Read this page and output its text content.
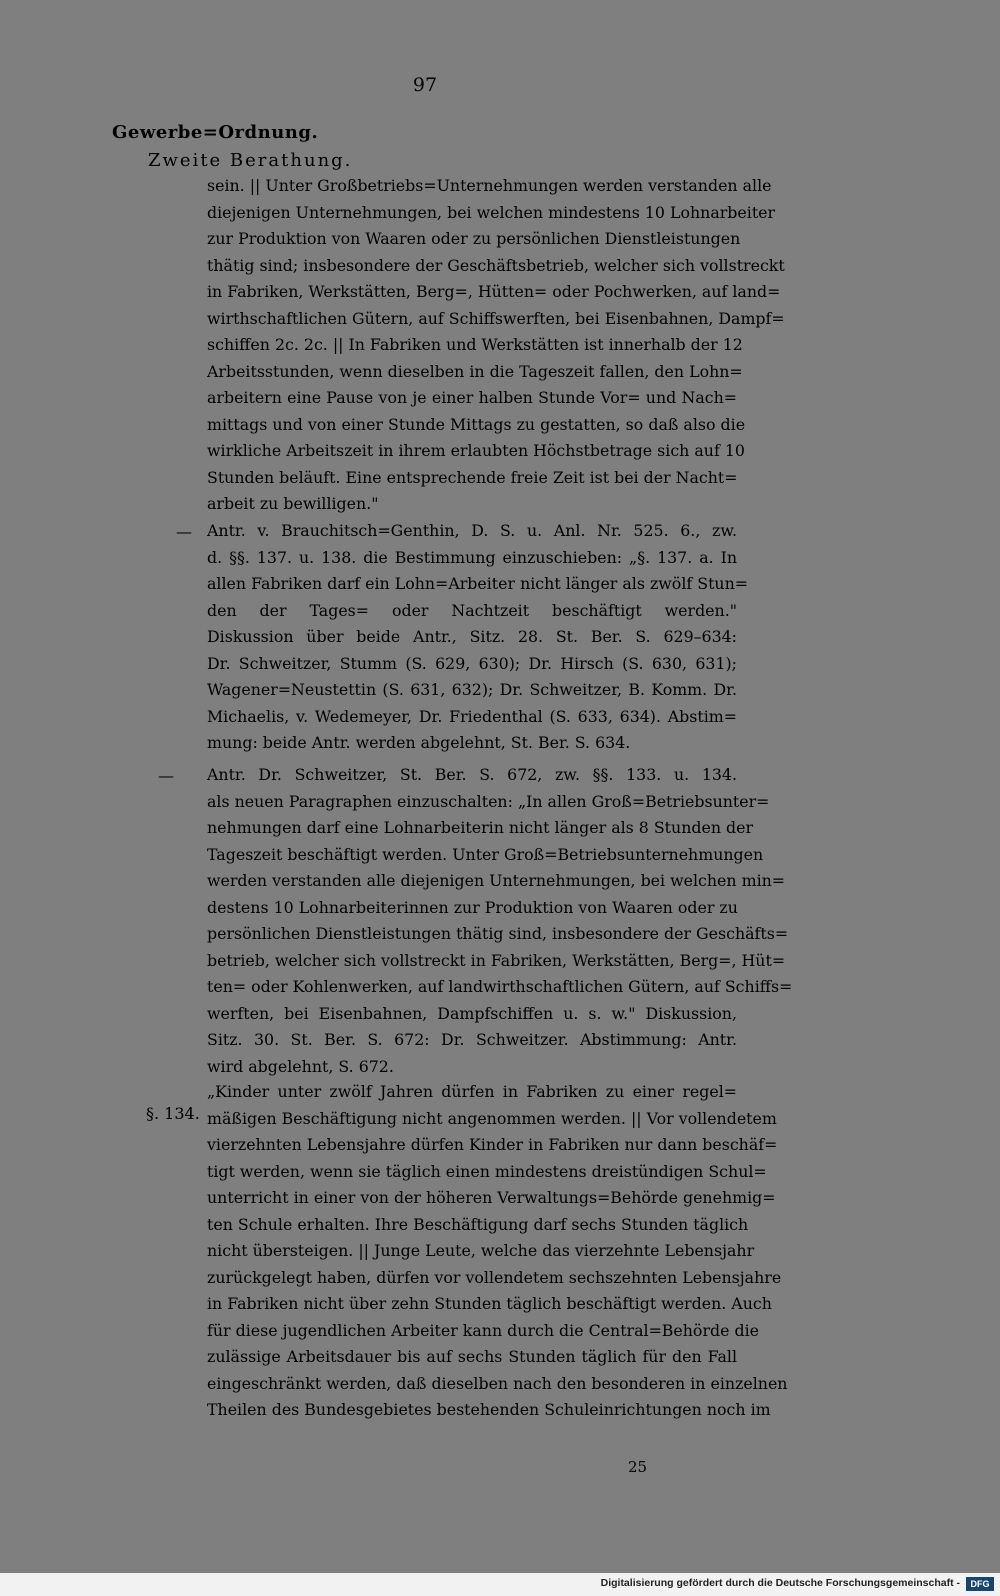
97
Gewerbe=Ordnung.
Zweite Berathung.
sein. || Unter Großbetriebs=Unternehmungen werden verstanden alle
diejenigen Unternehmungen, bei welchen mindestens 10 Lohnarbeiter
zur Produktion von Waaren oder zu persönlichen Dienstleistungen
thätig sind; insbesondere der Geschäftsbetrieb, welcher sich vollstreckt
in Fabriken, Werkstätten, Berg=, Hütten= oder Pochwerken, auf land=
wirthschaftlichen Gütern, auf Schiffswerften, bei Eisenbahnen, Dampf=
schiffen 2c. 2c. || In Fabriken und Werkstätten ist innerhalb der 12
Arbeitsstunden, wenn dieselben in die Tageszeit fallen, den Lohn=
arbeitern eine Pause von je einer halben Stunde Vor= und Nach=
mittags und von einer Stunde Mittags zu gestatten, so daß also die
wirkliche Arbeitszeit in ihrem erlaubten Höchstbetrage sich auf 10
Stunden beläuft. Eine entsprechende freie Zeit ist bei der Nacht=
arbeit zu bewilligen."
— Antr. v. Brauchitsch=Genthin, D. S. u. Anl. Nr. 525. 6., zw.
d. §§. 137. u. 138. die Bestimmung einzuschieben: „§. 137. a. In
allen Fabriken darf ein Lohn=Arbeiter nicht länger als zwölf Stun=
den der Tages= oder Nachtzeit beschäftigt werden."
Diskussion über beide Antr., Sitz. 28. St. Ber. S. 629–634:
Dr. Schweitzer, Stumm (S. 629, 630); Dr. Hirsch (S. 630, 631);
Wagener=Neustettin (S. 631, 632); Dr. Schweitzer, B. Komm. Dr.
Michaelis, v. Wedemeyer, Dr. Friedenthal (S. 633, 634). Abstim=
mung: beide Antr. werden abgelehnt, St. Ber. S. 634.
— Antr. Dr. Schweitzer, St. Ber. S. 672, zw. §§. 133. u. 134.
als neuen Paragraphen einzuschalten: „In allen Groß=Betriebsunter=
nehmungen darf eine Lohnarbeiterin nicht länger als 8 Stunden der
Tageszeit beschäftigt werden. Unter Groß=Betriebsunternehmungen
werden verstanden alle diejenigen Unternehmungen, bei welchen min=
destens 10 Lohnarbeiterinnen zur Produktion von Waaren oder zu
persönlichen Dienstleistungen thätig sind, insbesondere der Geschäfts=
betrieb, welcher sich vollstreckt in Fabriken, Werkstätten, Berg=, Hüt=
ten= oder Kohlenwerken, auf landwirthschaftlichen Gütern, auf Schiffs=
werften, bei Eisenbahnen, Dampfschiffen u. s. w." Diskussion,
Sitz. 30. St. Ber. S. 672: Dr. Schweitzer. Abstimmung: Antr.
wird abgelehnt, S. 672.
§. 134.
„Kinder unter zwölf Jahren dürfen in Fabriken zu einer regel=
mäßigen Beschäftigung nicht angenommen werden. || Vor vollendetem
vierzehnten Lebensjahre dürfen Kinder in Fabriken nur dann beschäf=
tigt werden, wenn sie täglich einen mindestens dreistündigen Schul=
unterricht in einer von der höheren Verwaltungs=Behörde genehmig=
ten Schule erhalten. Ihre Beschäftigung darf sechs Stunden täglich
nicht übersteigen. || Junge Leute, welche das vierzehnte Lebensjahr
zurückgelegt haben, dürfen vor vollendetem sechszehnten Lebensjahre
in Fabriken nicht über zehn Stunden täglich beschäftigt werden. Auch
für diese jugendlichen Arbeiter kann durch die Central=Behörde die
zulässige Arbeitsdauer bis auf sechs Stunden täglich für den Fall
eingeschränkt werden, daß dieselben nach den besonderen in einzelnen
Theilen des Bundesgebietes bestehenden Schuleinrichtungen noch im
25
Digitalisierung gefördert durch die Deutsche Forschungsgemeinschaft -	DFG
